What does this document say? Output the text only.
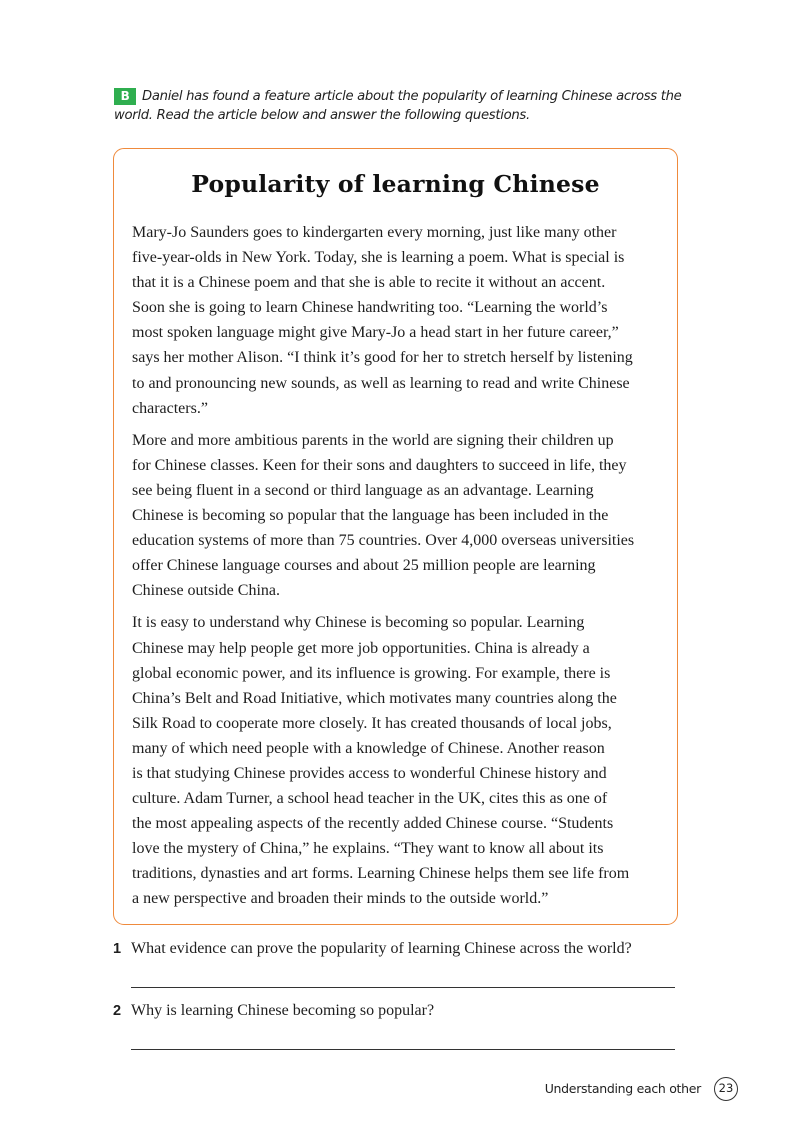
B Daniel has found a feature article about the popularity of learning Chinese across the
world. Read the article below and answer the following questions.
Popularity of learning Chinese

Mary-Jo Saunders goes to kindergarten every morning, just like many other
five-year-olds in New York. Today, she is learning a poem. What is special is
that it is a Chinese poem and that she is able to recite it without an accent.
Soon she is going to learn Chinese handwriting too. “Learning the world’s
most spoken language might give Mary-Jo a head start in her future career,”
says her mother Alison. “I think it’s good for her to stretch herself by listening
to and pronouncing new sounds, as well as learning to read and write Chinese
characters.”

More and more ambitious parents in the world are signing their children up
for Chinese classes. Keen for their sons and daughters to succeed in life, they
see being fluent in a second or third language as an advantage. Learning
Chinese is becoming so popular that the language has been included in the
education systems of more than 75 countries. Over 4,000 overseas universities
offer Chinese language courses and about 25 million people are learning
Chinese outside China.

It is easy to understand why Chinese is becoming so popular. Learning
Chinese may help people get more job opportunities. China is already a
global economic power, and its influence is growing. For example, there is
China’s Belt and Road Initiative, which motivates many countries along the
Silk Road to cooperate more closely. It has created thousands of local jobs,
many of which need people with a knowledge of Chinese. Another reason
is that studying Chinese provides access to wonderful Chinese history and
culture. Adam Turner, a school head teacher in the UK, cites this as one of
the most appealing aspects of the recently added Chinese course. “Students
love the mystery of China,” he explains. “They want to know all about its
traditions, dynasties and art forms. Learning Chinese helps them see life from
a new perspective and broaden their minds to the outside world.”

1 What evidence can prove the popularity of learning Chinese across the world?
2 Why is learning Chinese becoming so popular?
Understanding each other	23
